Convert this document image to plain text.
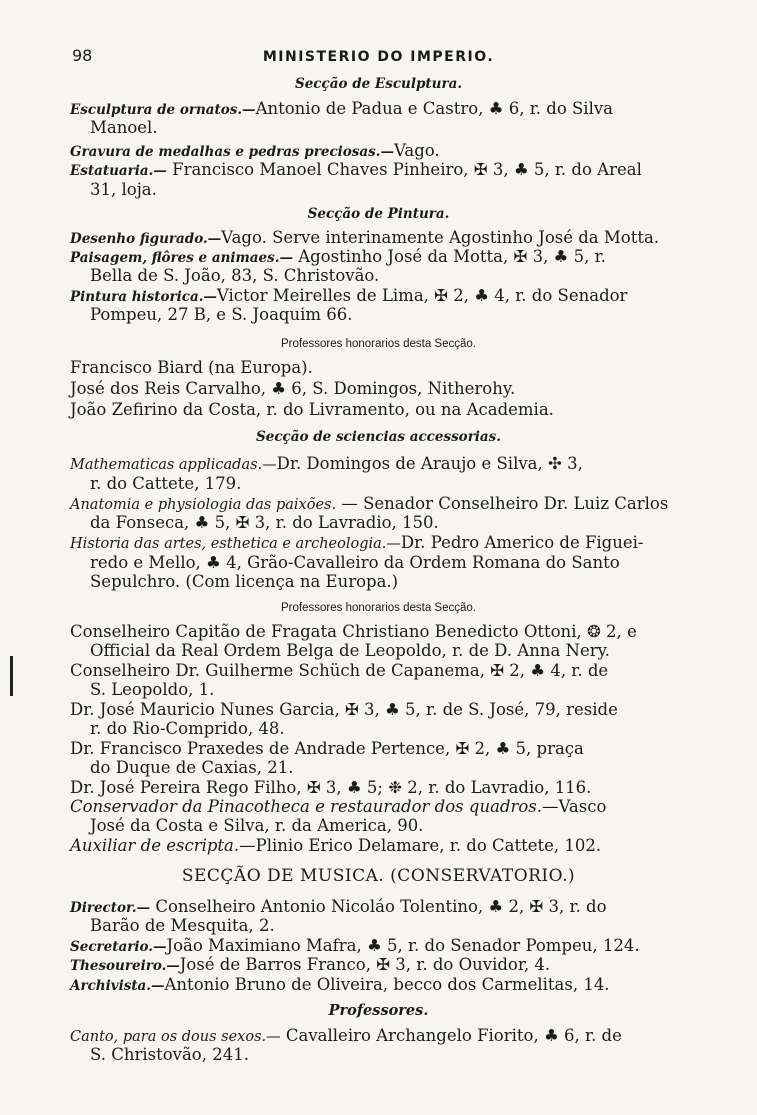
98	MINISTERIO DO IMPERIO.
Secção de Esculptura.
Esculptura de ornatos.—Antonio de Padua e Castro, ♣ 6, r. do Silva
Manoel.
Gravura de medalhas e pedras preciosas.—Vago.
Estatuaria.— Francisco Manoel Chaves Pinheiro, ✠ 3, ♣ 5, r. do Areal
31, loja.
Secção de Pintura.
Desenho figurado.—Vago. Serve interinamente Agostinho José da Motta.
Paisagem, flôres e animaes.— Agostinho José da Motta, ✠ 3, ♣ 5, r.
Bella de S. João, 83, S. Christovão.
Pintura historica.—Victor Meirelles de Lima, ✠ 2, ♣ 4, r. do Senador
Pompeu, 27 B, e S. Joaquim 66.
Professores honorarios desta Secção.
Francisco Biard (na Europa).
José dos Reis Carvalho, ♣ 6, S. Domingos, Nitherohy.
João Zefirino da Costa, r. do Livramento, ou na Academia.
Secção de sciencias accessorias.
Mathematicas applicadas.—Dr. Domingos de Araujo e Silva, ✣ 3,
r. do Cattete, 179.
Anatomia e physiologia das paixões. — Senador Conselheiro Dr. Luiz Carlos
da Fonseca, ♣ 5, ✠ 3, r. do Lavradio, 150.
Historia das artes, esthetica e archeologia.—Dr. Pedro Americo de Figuei-
redo e Mello, ♣ 4, Grão-Cavalleiro da Ordem Romana do Santo
Sepulchro. (Com licença na Europa.)
Professores honorarios desta Secção.
Conselheiro Capitão de Fragata Christiano Benedicto Ottoni, ❂ 2, e
Official da Real Ordem Belga de Leopoldo, r. de D. Anna Nery.
Conselheiro Dr. Guilherme Schüch de Capanema, ✠ 2, ♣ 4, r. de
S. Leopoldo, 1.
Dr. José Mauricio Nunes Garcia, ✠ 3, ♣ 5, r. de S. José, 79, reside
r. do Rio-Comprido, 48.
Dr. Francisco Praxedes de Andrade Pertence, ✠ 2, ♣ 5, praça
do Duque de Caxias, 21.
Dr. José Pereira Rego Filho, ✠ 3, ♣ 5; ❉ 2, r. do Lavradio, 116.
Conservador da Pinacotheca e restaurador dos quadros.—Vasco
José da Costa e Silva, r. da America, 90.
Auxiliar de escripta.—Plinio Erico Delamare, r. do Cattete, 102.
SECÇÃO DE MUSICA. (CONSERVATORIO.)
Director.— Conselheiro Antonio Nicoláo Tolentino, ♣ 2, ✠ 3, r. do
Barão de Mesquita, 2.
Secretario.—João Maximiano Mafra, ♣ 5, r. do Senador Pompeu, 124.
Thesoureiro.—José de Barros Franco, ✠ 3, r. do Ouvidor, 4.
Archivista.—Antonio Bruno de Oliveira, becco dos Carmelitas, 14.
Professores.
Canto, para os dous sexos.— Cavalleiro Archangelo Fiorito, ♣ 6, r. de
S. Christovão, 241.
